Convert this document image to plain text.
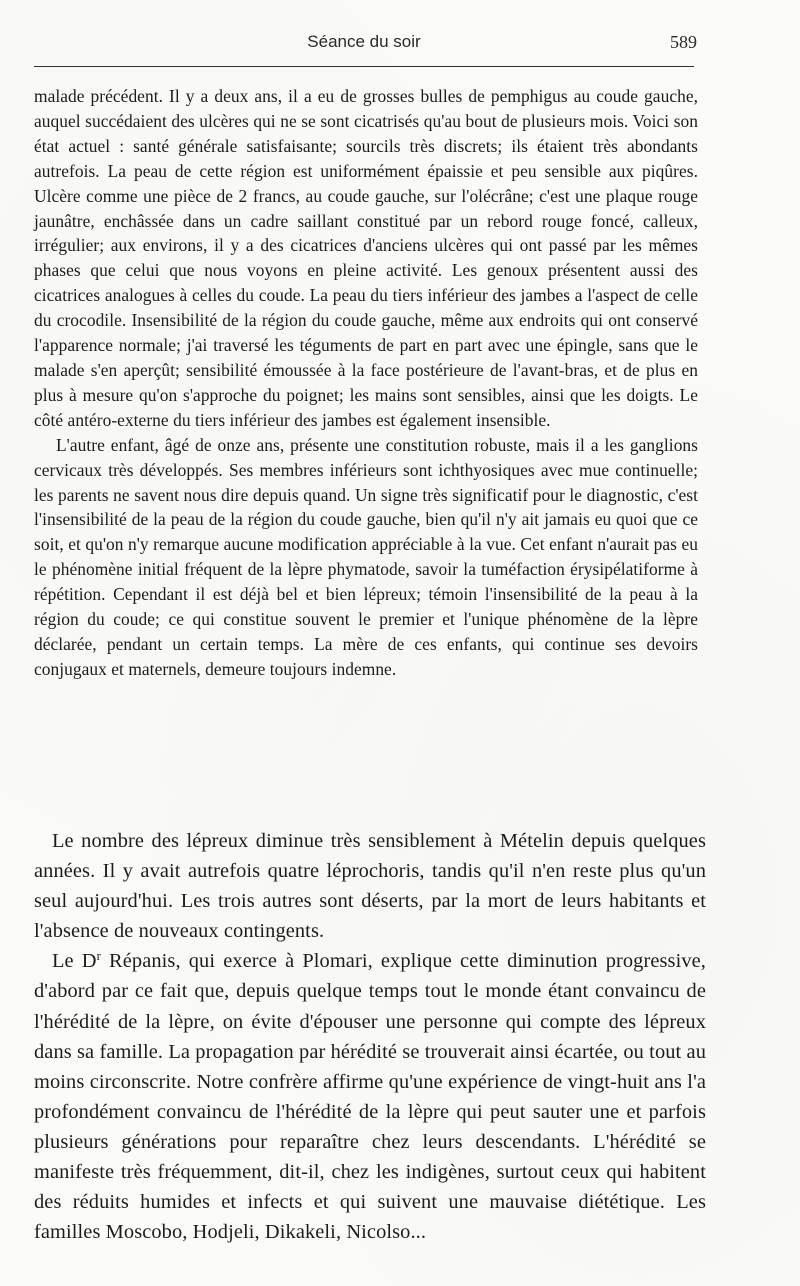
Séance du soir	589

malade précédent. Il y a deux ans, il a eu de grosses bulles de pemphigus au coude gauche, auquel succédaient des ulcères qui ne se sont cicatrisés qu'au bout de plusieurs mois. Voici son état actuel : santé générale satisfaisante; sourcils très discrets; ils étaient très abondants autrefois. La peau de cette région est uniformément épaissie et peu sensible aux piqûres. Ulcère comme une pièce de 2 francs, au coude gauche, sur l'olécrâne; c'est une plaque rouge jaunâtre, enchâssée dans un cadre saillant constitué par un rebord rouge foncé, calleux, irrégulier; aux environs, il y a des cicatrices d'anciens ulcères qui ont passé par les mêmes phases que celui que nous voyons en pleine activité. Les genoux présentent aussi des cicatrices analogues à celles du coude. La peau du tiers inférieur des jambes a l'aspect de celle du crocodile. Insensibilité de la région du coude gauche, même aux endroits qui ont conservé l'apparence normale; j'ai traversé les téguments de part en part avec une épingle, sans que le malade s'en aperçût; sensibilité émoussée à la face postérieure de l'avant-bras, et de plus en plus à mesure qu'on s'approche du poignet; les mains sont sensibles, ainsi que les doigts. Le côté antéro-externe du tiers inférieur des jambes est également insensible.

L'autre enfant, âgé de onze ans, présente une constitution robuste, mais il a les ganglions cervicaux très développés. Ses membres inférieurs sont ichthyosiques avec mue continuelle; les parents ne savent nous dire depuis quand. Un signe très significatif pour le diagnostic, c'est l'insensibilité de la peau de la région du coude gauche, bien qu'il n'y ait jamais eu quoi que ce soit, et qu'on n'y remarque aucune modification appréciable à la vue. Cet enfant n'aurait pas eu le phénomène initial fréquent de la lèpre phymatode, savoir la tuméfaction érysipélatiforme à répétition. Cependant il est déjà bel et bien lépreux; témoin l'insensibilité de la peau à la région du coude; ce qui constitue souvent le premier et l'unique phénomène de la lèpre déclarée, pendant un certain temps. La mère de ces enfants, qui continue ses devoirs conjugaux et maternels, demeure toujours indemne.

Le nombre des lépreux diminue très sensiblement à Mételin depuis quelques années. Il y avait autrefois quatre léprochoris, tandis qu'il n'en reste plus qu'un seul aujourd'hui. Les trois autres sont déserts, par la mort de leurs habitants et l'absence de nouveaux contingents.

Le $D^r$ Répanis, qui exerce à Plomari, explique cette diminution progressive, d'abord par ce fait que, depuis quelque temps tout le monde étant convaincu de l'hérédité de la lèpre, on évite d'épouser une personne qui compte des lépreux dans sa famille. La propagation par hérédité se trouverait ainsi écartée, ou tout au moins circonscrite. Notre confrère affirme qu'une expérience de vingt-huit ans l'a profondément convaincu de l'hérédité de la lèpre qui peut sauter une et parfois plusieurs générations pour reparaître chez leurs descendants. L'hérédité se manifeste très fréquemment, dit-il, chez les indigènes, surtout ceux qui habitent des réduits humides et infects et qui suivent une mauvaise diététique. Les familles Moscobo, Hodjeli, Dikakeli, Nicolso...
